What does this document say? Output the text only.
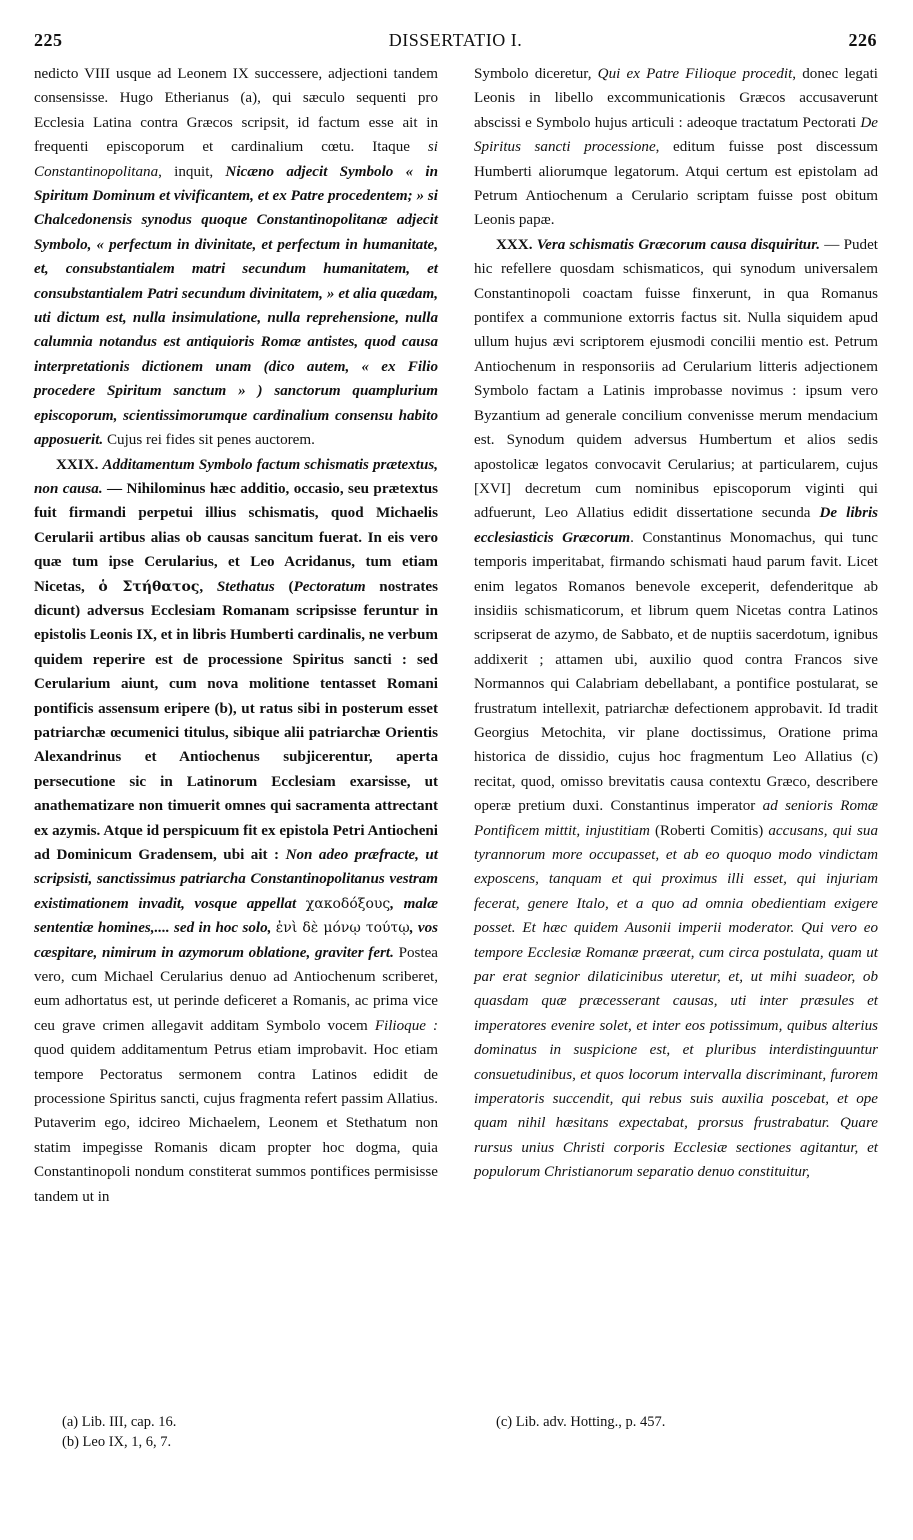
225	DISSERTATIO I.	226

nedicto VIII usque ad Leonem IX successere, adjectioni tandem consensisse. Hugo Etherianus (a), qui sæculo sequenti pro Ecclesia Latina contra Græcos scripsit, id factum esse ait in frequenti episcoporum et cardinalium cœtu. Itaque si Constantinopolitana, inquit, Nicæno adjecit Symbolo « in Spiritum Dominum et vivificantem, et ex Patre procedentem; » si Chalcedonensis synodus quoque Constantinopolitanæ adjecit Symbolo, « perfectum in divinitate, et perfectum in humanitate, et, consubstantialem matri secundum humanitatem, et consubstantialem Patri secundum divinitatem, » et alia quædam, uti dictum est, nulla insimulatione, nulla reprehensione, nulla calumnia notandus est antiquioris Romæ antistes, quod causa interpretationis dictionem unam (dico autem, « ex Filio procedere Spiritum sanctum » ) sanctorum quamplurium episcoporum, scientissimorumque cardinalium consensu habito apposuerit. Cujus rei fides sit penes auctorem.

XXIX. Additamentum Symbolo factum schismatis prætextus, non causa. — Nihilominus hæc additio, occasio, seu prætextus fuit firmandi perpetui illius schismatis, quod Michaelis Cerularii artibus alias ob causas sancitum fuerat. In eis vero quæ tum ipse Cerularius, et Leo Acridanus, tum etiam Nicetas, ὁ Στήθατος, Stethatus (Pectoratum nostrates dicunt) adversus Ecclesiam Romanam scripsisse feruntur in epistolis Leonis IX, et in libris Humberti cardinalis, ne verbum quidem reperire est de processione Spiritus sancti : sed Cerularium aiunt, cum nova molitione tentasset Romani pontificis assensum eripere (b), ut ratus sibi in posterum esset patriarchæ œcumenici titulus, sibique alii patriarchæ Orientis Alexandrinus et Antiochenus subjicerentur, aperta persecutione sic in Latinorum Ecclesiam exarsisse, ut anathematizare non timuerit omnes qui sacramenta attrectant ex azymis. Atque id perspicuum fit ex epistola Petri Antiocheni ad Dominicum Gradensem, ubi ait : Non adeo præfracte, ut scripsisti, sanctissimus patriarcha Constantinopolitanus vestram existimationem invadit, vosque appellat χακοδόξους, malæ sententiæ homines,.... sed in hoc solo, ἐνὶ δὲ μόνῳ τούτῳ, vos cæspitare, nimirum in azymorum oblatione, graviter fert. Postea vero, cum Michael Cerularius denuo ad Antiochenum scriberet, eum adhortatus est, ut perinde deficeret a Romanis, ac prima vice ceu grave crimen allegavit additam Symbolo vocem Filioque : quod quidem additamentum Petrus etiam improbavit. Hoc etiam tempore Pectoratus sermonem contra Latinos edidit de processione Spiritus sancti, cujus fragmenta refert passim Allatius. Putaverim ego, idcireo Michaelem, Leonem et Stethatum non statim impegisse Romanis dicam propter hoc dogma, quia Constantinopoli nondum constiterat summos pontifices permisisse tandem ut in

Symbolo diceretur, Qui ex Patre Filioque procedit, donec legati Leonis in libello excommunicationis Græcos accusaverunt abscissi e Symbolo hujus articuli : adeoque tractatum Pectorati De Spiritus sancti processione, editum fuisse post discessum Humberti aliorumque legatorum. Atqui certum est epistolam ad Petrum Antiochenum a Cerulario scriptam fuisse post obitum Leonis papæ.

XXX. Vera schismatis Græcorum causa disquiritur. — Pudet hic refellere quosdam schismaticos, qui synodum universalem Constantinopoli coactam fuisse finxerunt, in qua Romanus pontifex a communione extorris factus sit. Nulla siquidem apud ullum hujus ævi scriptorem ejusmodi concilii mentio est. Petrum Antiochenum in responsoriis ad Cerularium litteris adjectionem Symbolo factam a Latinis improbasse novimus : ipsum vero Byzantium ad generale concilium convenisse merum mendacium est. Synodum quidem adversus Humbertum et alios sedis apostolicæ legatos convocavit Cerularius; at particularem, cujus [XVI] decretum cum nominibus episcoporum viginti qui adfuerunt, Leo Allatius edidit dissertatione secunda De libris ecclesiasticis Græcorum. Constantinus Monomachus, qui tunc temporis imperitabat, firmando schismati haud parum favit. Licet enim legatos Romanos benevole exceperit, defenderitque ab insidiis schismaticorum, et librum quem Nicetas contra Latinos scripserat de azymo, de Sabbato, et de nuptiis sacerdotum, ignibus addixerit ; attamen ubi, auxilio quod contra Francos sive Normannos qui Calabriam debellabant, a pontifice postularat, se frustratum intellexit, patriarchæ defectionem approbavit. Id tradit Georgius Metochita, vir plane doctissimus, Oratione prima historica de dissidio, cujus hoc fragmentum Leo Allatius (c) recitat, quod, omisso brevitatis causa contextu Græco, describere operæ pretium duxi. Constantinus imperator ad senioris Romæ Pontificem mittit, injustitiam (Roberti Comitis) accusans, qui sua tyrannorum more occupasset, et ab eo quoquo modo vindictam exposcens, tanquam et qui proximus illi esset, qui injuriam fecerat, genere Italo, et a quo ad omnia obedientiam exigere posset. Et hæc quidem Ausonii imperii moderator. Qui vero eo tempore Ecclesiæ Romanæ præerat, cum circa postulata, quam ut par erat segnior dilaticinibus uteretur, et, ut mihi suadeor, ob quasdam quæ præcesserant causas, uti inter præsules et imperatores evenire solet, et inter eos potissimum, quibus alterius dominatus in suspicione est, et pluribus interdistinguuntur consuetudinibus, et quos locorum intervalla discriminant, furorem imperatoris succendit, qui rebus suis auxilia poscebat, et ope quam nihil hæsitans expectabat, prorsus frustrabatur. Quare rursus unius Christi corporis Ecclesiæ sectiones agitantur, et populorum Christianorum separatio denuo constituitur,

(a) Lib. III, cap. 16.
(b) Leo IX, 1, 6, 7.
(c) Lib. adv. Hotting., p. 457.
